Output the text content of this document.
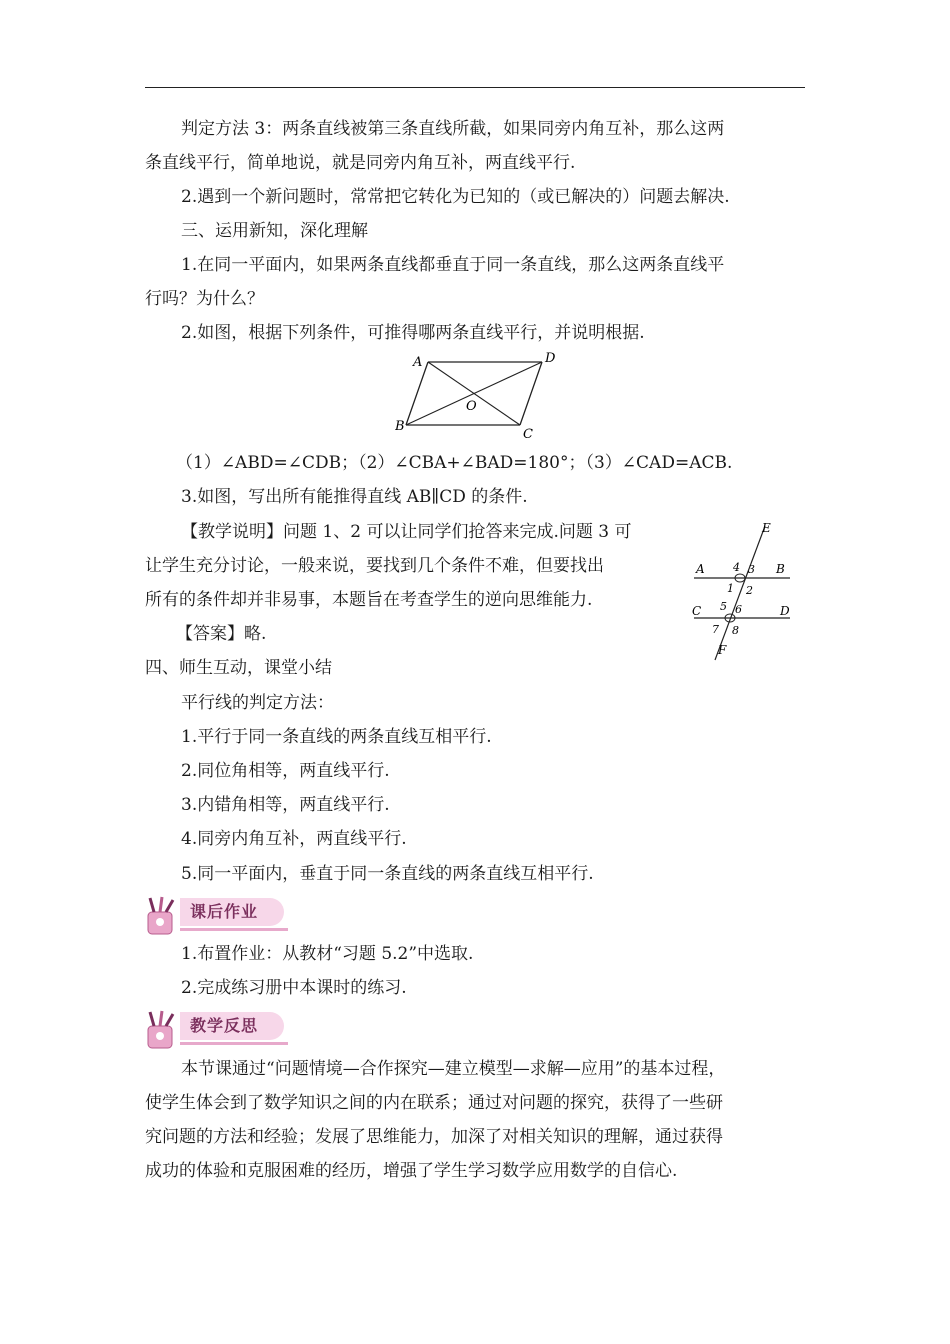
判定方法 3：两条直线被第三条直线所截，如果同旁内角互补，那么这两
条直线平行，简单地说，就是同旁内角互补，两直线平行.
2.遇到一个新问题时，常常把它转化为已知的（或已解决的）问题去解决.
三、运用新知，深化理解
1.在同一平面内，如果两条直线都垂直于同一条直线，那么这两条直线平
行吗？为什么？
2.如图，根据下列条件，可推得哪两条直线平行，并说明根据.
A	D
B
C
O
（1）∠ABD=∠CDB；（2）∠CBA+∠BAD=180°；（3）∠CAD=ACB.
3.如图，写出所有能推得直线 AB∥CD 的条件.
【教学说明】问题 1、2 可以让同学们抢答来完成.问题 3 可
让学生充分讨论，一般来说，要找到几个条件不难，但要找出
所有的条件却并非易事，本题旨在考查学生的逆向思维能力.
【答案】略.
E
A	4 3 B
1 2
C 5 6	D
7 8
F
四、师生互动，课堂小结
平行线的判定方法：
1.平行于同一条直线的两条直线互相平行.
2.同位角相等，两直线平行.
3.内错角相等，两直线平行.
4.同旁内角互补，两直线平行.
5.同一平面内，垂直于同一条直线的两条直线互相平行.
课后作业
1.布置作业：从教材“习题 5.2”中选取.
2.完成练习册中本课时的练习.
教学反思
本节课通过“问题情境—合作探究—建立模型—求解—应用”的基本过程，
使学生体会到了数学知识之间的内在联系；通过对问题的探究，获得了一些研
究问题的方法和经验；发展了思维能力，加深了对相关知识的理解，通过获得
成功的体验和克服困难的经历，增强了学生学习数学应用数学的自信心.
